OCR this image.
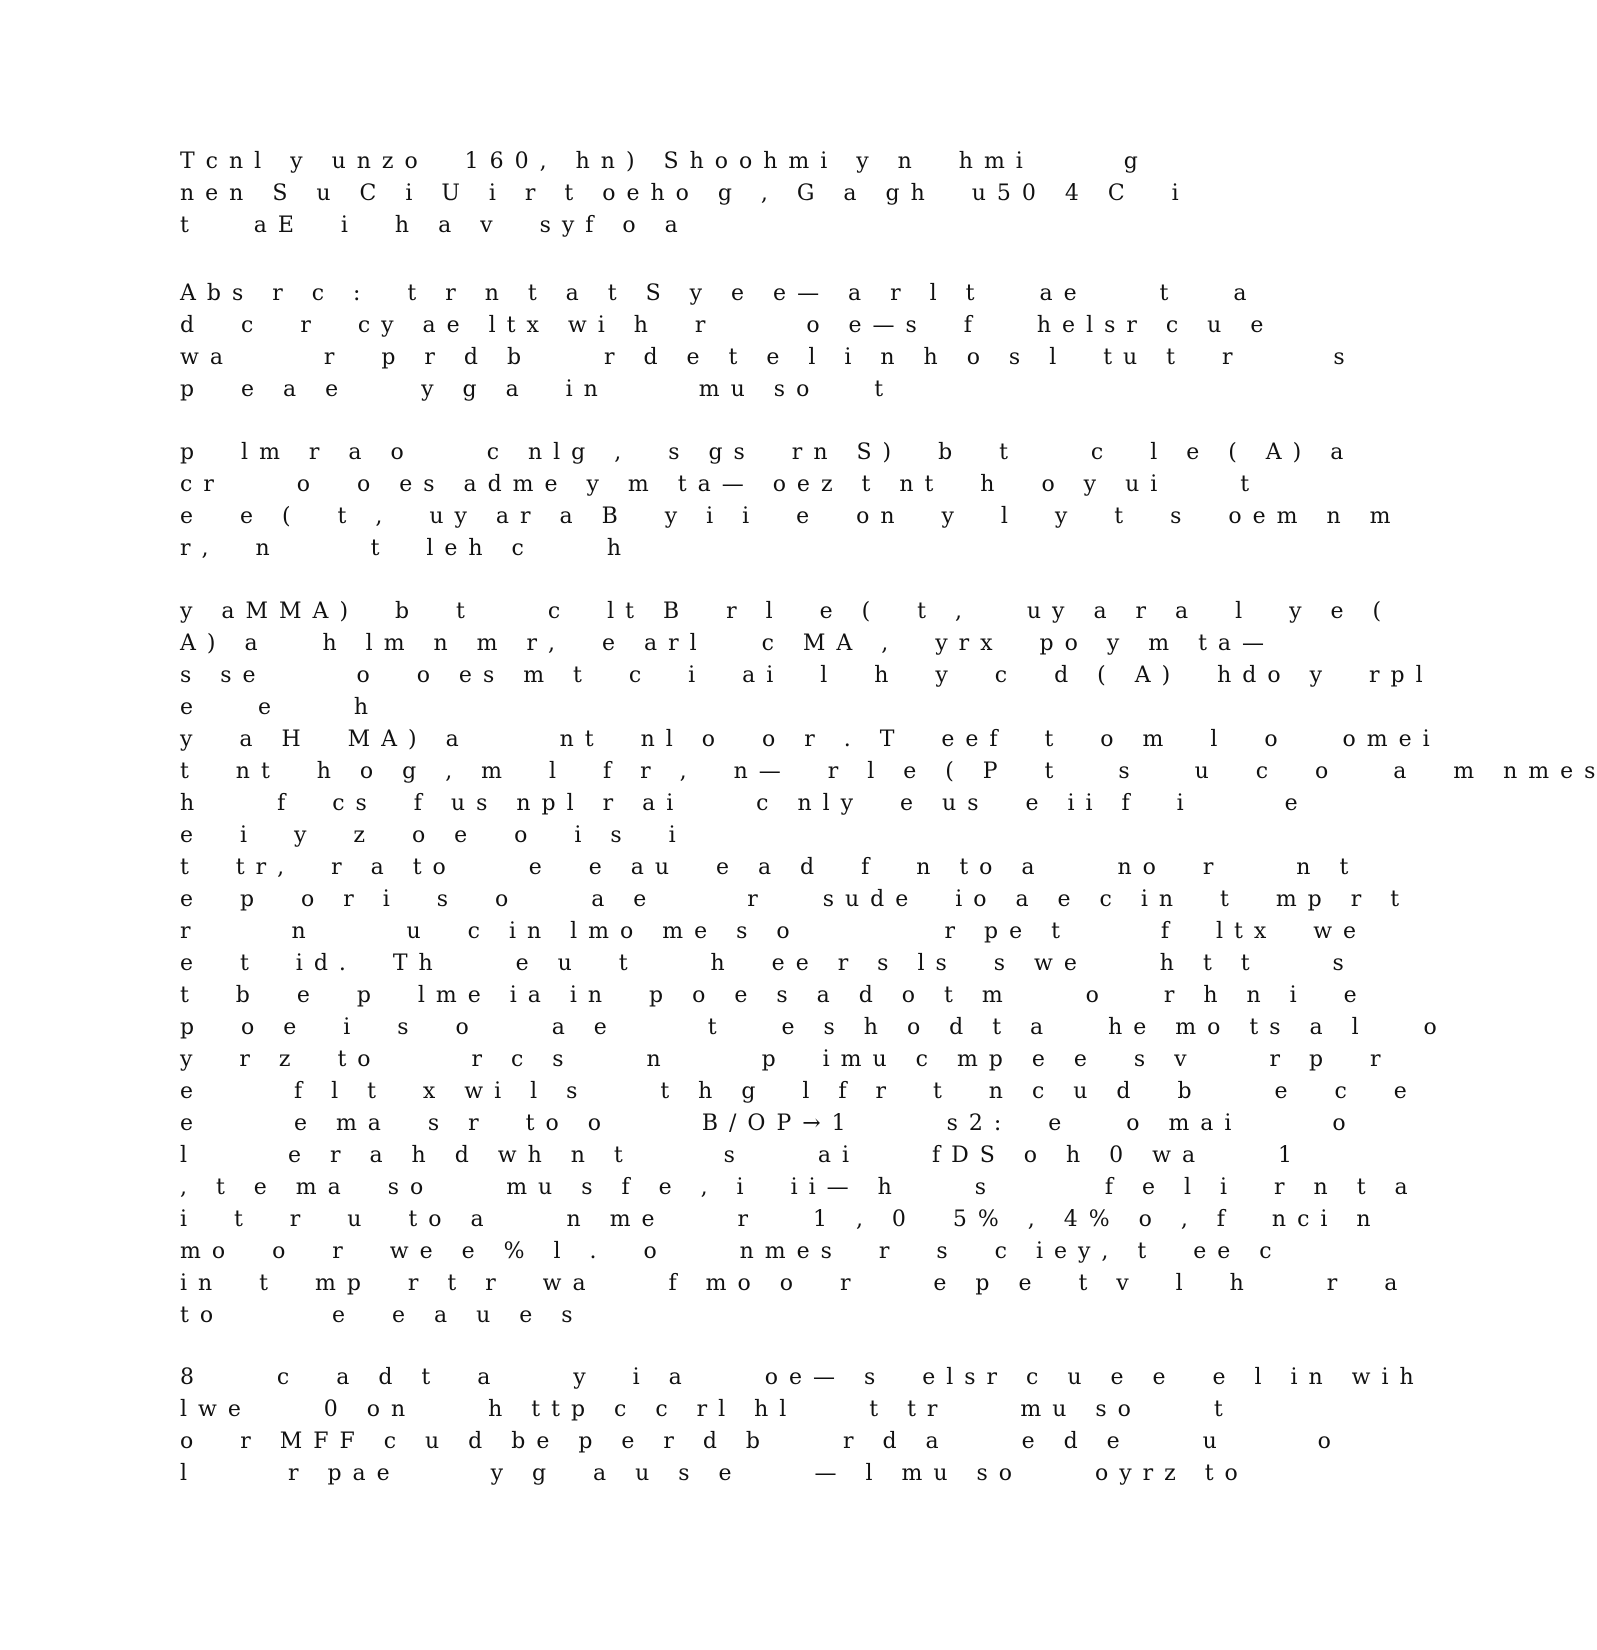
T c n l   y   u n z o     1 6 0 ,   h n )   S h o o h m i   y   n     h m i           g
n e n   S   u   C   i   U   i   r   t   o e h o   g   ,   G   a   g h     u 5 0   4   C     i
t       a E     i     h   a   v     s y f   o   a
A b s   r   c   :     t   r   n   t   a   t   S   y   e   e —   a   r   l   t       a e         t       a
d     c     r     c y   a e   l t x   w i   h     r           o   e — s     f       h e l s r   c   u   e
w a           r     p   r   d   b         r   d   e   t   e   l   i   n   h   o   s   l     t u   t     r           s
p     e   a   e         y   g   a     i n           m u   s o       t
p     l m   r   a   o         c   n l g   ,     s   g s     r n   S )     b     t         c     l   e   (   A )   a
c r         o     o   e s   a d m e   y   m   t a —   o e z   t   n t     h     o   y   u i         t
e     e   (     t   ,     u y   a r   a   B     y   i   i     e     o n     y     l     y     t     s     o e m   n   m
r ,     n           t     l e h   c         h
y   a M M A )     b     t         c     l t   B     r   l     e   (     t   ,       u y   a   r   a     l     y   e   (
A )   a       h   l m   n   m   r ,     e   a r l       c   M A   ,     y r x     p o   y   m   t a —
s   s e           o     o   e s   m   t     c     i     a i     l     h     y     c     d   (   A )     h d o   y     r p l
e       e         h
y     a   H     M A )   a           n t     n l   o     o   r   .   T     e e f     t     o   m     l     o       o m e i
t     n t     h   o   g   ,   m     l     f   r   ,     n —     r   l   e   (   P     t       s       u     c     o       a     m   n m e s
h         f     c s     f   u s   n p l   r   a i         c   n l y     e   u s     e   i i   f     i           e
e     i     y     z     o   e     o     i   s     i
t     t r ,     r   a   t o         e     e   a u     e   a   d     f     n   t o   a         n o     r         n   t
e     p     o   r   i     s     o         a   e           r       s u d e     i o   a   e   c   i n     t     m p   r   t
r           n           u     c   i n   l m o   m e   s   o                 r   p e   t           f     l t x     w e
e     t     i d .     T h         e   u     t         h     e e   r   s   l s     s   w e         h   t   t         s
t     b     e     p     l m e   i a   i n     p   o   e   s   a   d   o   t   m         o       r   h   n   i     e
p     o   e     i     s     o         a   e           t       e   s   h   o   d   t   a       h e   m o   t s   a   l       o
y     r   z     t o           r   c   s         n           p     i m u   c   m p   e   e     s   v         r   p     r
e           f   l   t     x   w i   l   s         t   h   g     l   f   r     t     n   c   u   d     b         e     c     e
e           e   m a     s   r     t o   o           B / O P → 1           s 2 :     e       o   m a i           o
l           e   r   a   h   d   w h   n   t           s         a i         f D S   o   h   0   w a         1
,   t   e   m a     s o         m u   s   f   e   ,   i     i i —   h         s             f   e   l   i     r   n   t   a
i     t     r     u     t o   a         n   m e         r       1   ,   0     5 %   ,   4 %   o   ,   f     n c i   n
m o     o     r     w e   e   %   l   .     o         n m e s     r     s     c   i e y ,   t     e e   c
i n     t     m p     r   t   r     w a         f   m o   o     r         e   p   e     t   v     l     h         r     a
t o             e     e   a   u   e   s
8         c     a   d   t     a         y     i   a         o e —   s     e l s r   c   u   e   e     e   l   i n   w i h
l w e         0   o n         h   t t p   c   c   r l   h l         t   t r         m u   s o         t
o     r   M F F   c   u   d   b e   p   e   r   d   b         r   d   a         e   d   e         u           o
l           r   p a e           y   g     a   u   s   e         —   l   m u   s o         o y r z   t o
